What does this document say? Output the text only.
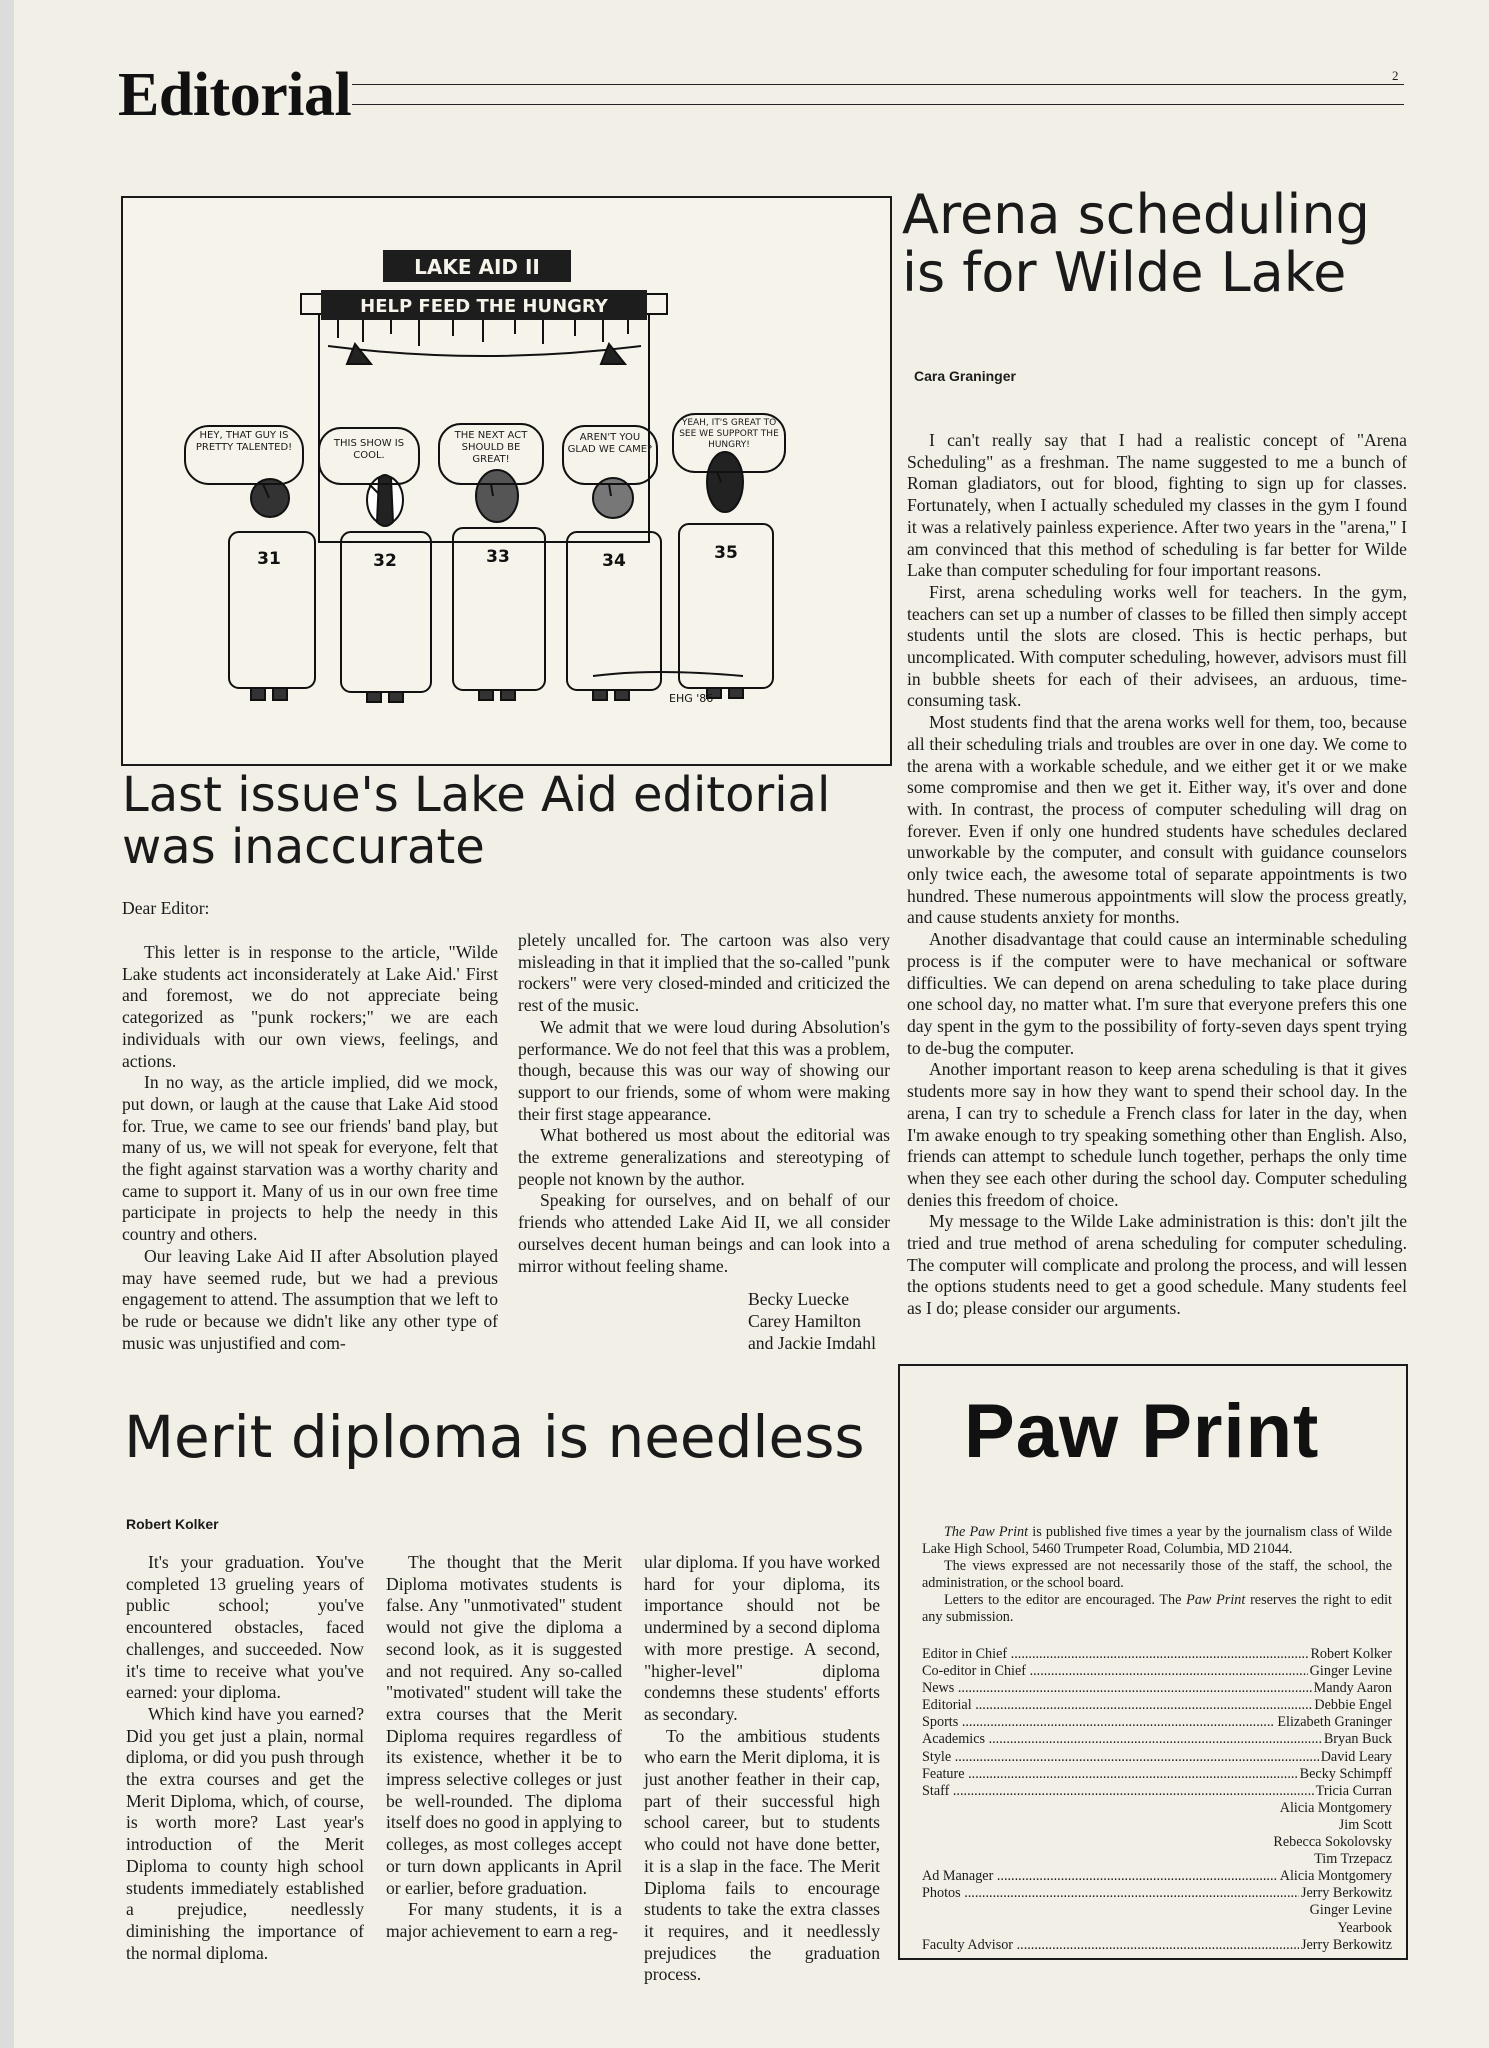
Editorial	2
LAKE AID II
HELP FEED THE HUNGRY
HEY, THAT GUY IS PRETTY TALENTED!	THIS SHOW IS COOL.
THE NEXT ACT SHOULD BE GREAT!
AREN'T YOU GLAD WE CAME?
YEAH, IT'S GREAT TO SEE WE SUPPORT THE HUNGRY!
31	32	33	34	35
EHG '86
Arena scheduling is for Wilde Lake
Cara Graninger

I can't really say that I had a realistic concept of "Arena Scheduling" as a freshman. The name suggested to me a bunch of Roman gladiators, out for blood, fighting to sign up for classes. Fortunately, when I actually scheduled my classes in the gym I found it was a relatively painless experience. After two years in the "arena," I am convinced that this method of scheduling is far better for Wilde Lake than computer scheduling for four important reasons.

First, arena scheduling works well for teachers. In the gym, teachers can set up a number of classes to be filled then simply accept students until the slots are closed. This is hectic perhaps, but uncomplicated. With computer scheduling, however, advisors must fill in bubble sheets for each of their advisees, an arduous, time-consuming task.

Most students find that the arena works well for them, too, because all their scheduling trials and troubles are over in one day. We come to the arena with a workable schedule, and we either get it or we make some compromise and then we get it. Either way, it's over and done with. In contrast, the process of computer scheduling will drag on forever. Even if only one hundred students have schedules declared unworkable by the computer, and consult with guidance counselors only twice each, the awesome total of separate appointments is two hundred. These numerous appointments will slow the process greatly, and cause students anxiety for months.

Another disadvantage that could cause an interminable scheduling process is if the computer were to have mechanical or software difficulties. We can depend on arena scheduling to take place during one school day, no matter what. I'm sure that everyone prefers this one day spent in the gym to the possibility of forty-seven days spent trying to de-bug the computer.

Another important reason to keep arena scheduling is that it gives students more say in how they want to spend their school day. In the arena, I can try to schedule a French class for later in the day, when I'm awake enough to try speaking something other than English. Also, friends can attempt to schedule lunch together, perhaps the only time when they see each other during the school day. Computer scheduling denies this freedom of choice.

My message to the Wilde Lake administration is this: don't jilt the tried and true method of arena scheduling for computer scheduling. The computer will complicate and prolong the process, and will lessen the options students need to get a good schedule. Many students feel as I do; please consider our arguments.

Last issue's Lake Aid editorial was inaccurate
Dear Editor:

This letter is in response to the article, "Wilde Lake students act inconsiderately at Lake Aid.' First and foremost, we do not appreciate being categorized as "punk rockers;" we are each individuals with our own views, feelings, and actions.

In no way, as the article implied, did we mock, put down, or laugh at the cause that Lake Aid stood for. True, we came to see our friends' band play, but many of us, we will not speak for everyone, felt that the fight against starvation was a worthy charity and came to support it. Many of us in our own free time participate in projects to help the needy in this country and others.

Our leaving Lake Aid II after Absolution played may have seemed rude, but we had a previous engagement to attend. The assumption that we left to be rude or because we didn't like any other type of music was unjustified and com-

pletely uncalled for. The cartoon was also very misleading in that it implied that the so-called "punk rockers" were very closed-minded and criticized the rest of the music.

We admit that we were loud during Absolution's performance. We do not feel that this was a problem, though, because this was our way of showing our support to our friends, some of whom were making their first stage appearance.

What bothered us most about the editorial was the extreme generalizations and stereotyping of people not known by the author.

Speaking for ourselves, and on behalf of our friends who attended Lake Aid II, we all consider ourselves decent human beings and can look into a mirror without feeling shame.

Becky Luecke
Carey Hamilton
and Jackie Imdahl
Merit diploma is needless
Robert Kolker

It's your graduation. You've completed 13 grueling years of public school; you've encountered obstacles, faced challenges, and succeeded. Now it's time to receive what you've earned: your diploma.

Which kind have you earned? Did you get just a plain, normal diploma, or did you push through the extra courses and get the Merit Diploma, which, of course, is worth more? Last year's introduction of the Merit Diploma to county high school students immediately established a prejudice, needlessly diminishing the importance of the normal diploma.

The thought that the Merit Diploma motivates students is false. Any "unmotivated" student would not give the diploma a second look, as it is suggested and not required. Any so-called "motivated" student will take the extra courses that the Merit Diploma requires regardless of its existence, whether it be to impress selective colleges or just be well-rounded. The diploma itself does no good in applying to colleges, as most colleges accept or turn down applicants in April or earlier, before graduation.

For many students, it is a major achievement to earn a reg-

ular diploma. If you have worked hard for your diploma, its importance should not be undermined by a second diploma with more prestige. A second, "higher-level" diploma condemns these students' efforts as secondary.

To the ambitious students who earn the Merit diploma, it is just another feather in their cap, part of their successful high school career, but to students who could not have done better, it is a slap in the face. The Merit Diploma fails to encourage students to take the extra classes it requires, and it needlessly prejudices the graduation process.

Paw Print
The Paw Print is published five times a year by the journalism class of Wilde Lake High School, 5460 Trumpeter Road, Columbia, MD 21044.
The views expressed are not necessarily those of the staff, the school, the administration, or the school board.
Letters to the editor are encouraged. The Paw Print reserves the right to edit any submission.
Editor in Chief .....	Robert Kolker
Co-editor in Chief .....	Ginger Levine
News .....	Mandy Aaron
Editorial .....	Debbie Engel
Sports .....	Elizabeth Graninger
Academics .....	Bryan Buck
Style .....	David Leary
Feature .....	Becky Schimpff
Staff .....	Tricia Curran
Alicia Montgomery
Jim Scott
Rebecca Sokolovsky
Tim Trzepacz
Ad Manager .....	Alicia Montgomery
Photos .....	Jerry Berkowitz
Ginger Levine
Yearbook
Faculty Advisor .....	Jerry Berkowitz
